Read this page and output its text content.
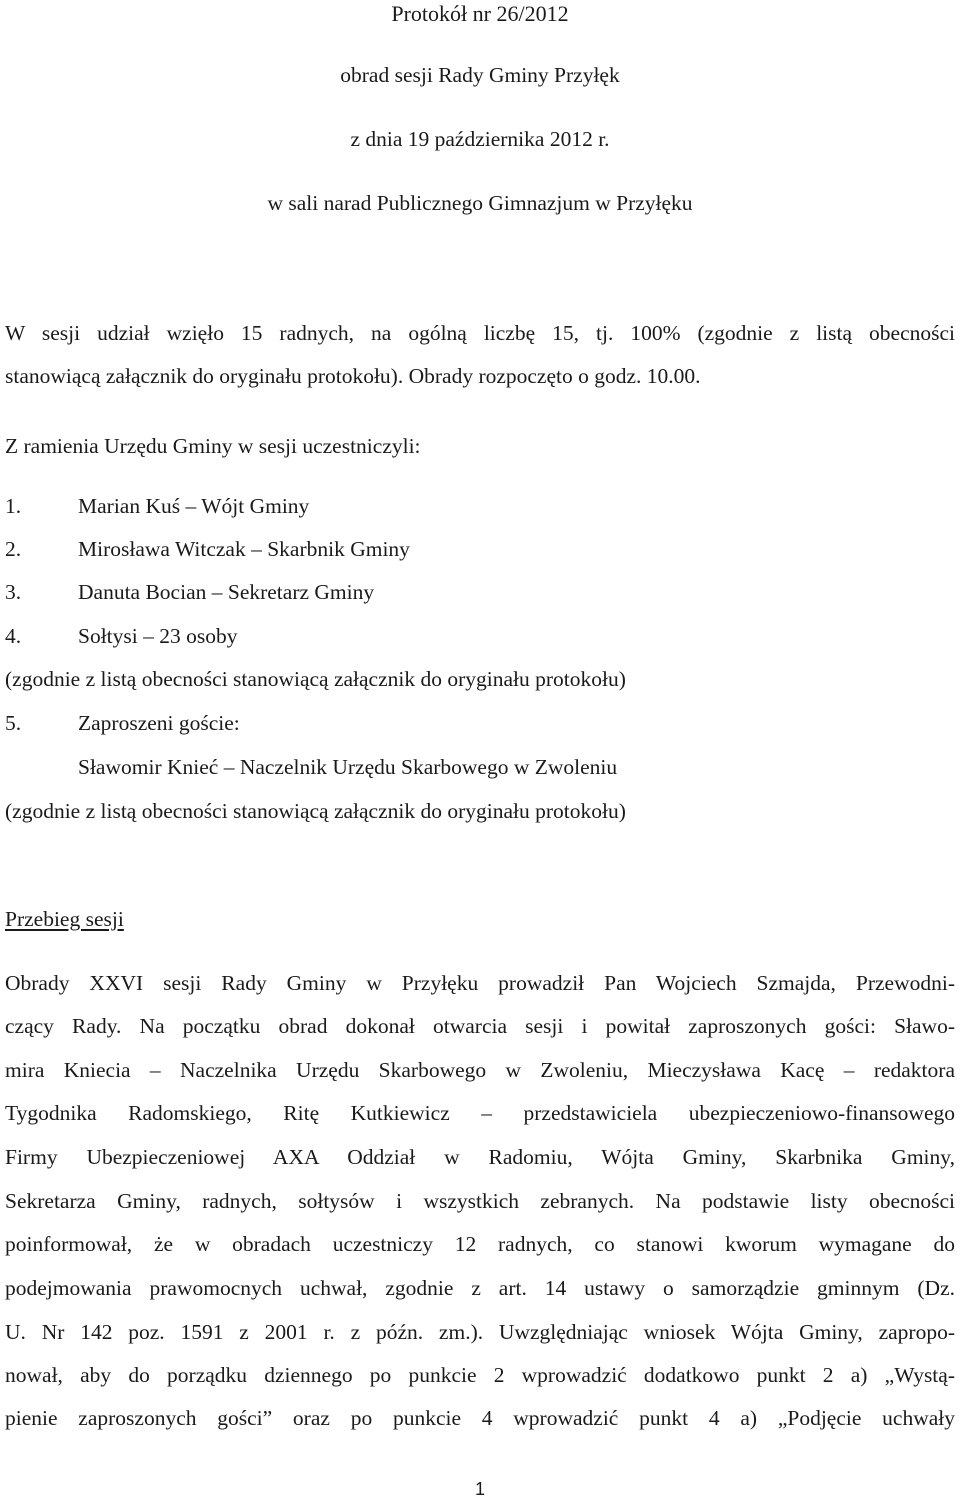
Protokół nr 26/2012
obrad sesji Rady Gminy Przyłęk
z dnia 19 października 2012 r.
w sali narad Publicznego Gimnazjum w Przyłęku
W sesji udział wzięło 15 radnych, na ogólną liczbę 15, tj. 100% (zgodnie z listą obecności
stanowiącą załącznik do oryginału protokołu). Obrady rozpoczęto o godz. 10.00.
Z ramienia Urzędu Gminy w sesji uczestniczyli:
1.	Marian Kuś – Wójt Gminy
2.	Mirosława Witczak – Skarbnik Gminy
3.	Danuta Bocian – Sekretarz Gminy
4.	Sołtysi – 23 osoby
(zgodnie z listą obecności stanowiącą załącznik do oryginału protokołu)
5.	Zaproszeni goście:
Sławomir Knieć – Naczelnik Urzędu Skarbowego w Zwoleniu
(zgodnie z listą obecności stanowiącą załącznik do oryginału protokołu)
Przebieg sesji
Obrady XXVI sesji Rady Gminy w Przyłęku prowadził Pan Wojciech Szmajda, Przewodni-
czący Rady. Na początku obrad dokonał otwarcia sesji i powitał zaproszonych gości: Sławo-
mira Kniecia – Naczelnika Urzędu Skarbowego w Zwoleniu, Mieczysława Kacę – redaktora
Tygodnika Radomskiego, Ritę Kutkiewicz – przedstawiciela ubezpieczeniowo-finansowego
Firmy Ubezpieczeniowej AXA Oddział w Radomiu, Wójta Gminy, Skarbnika Gminy,
Sekretarza Gminy, radnych, sołtysów i wszystkich zebranych. Na podstawie listy obecności
poinformował, że w obradach uczestniczy 12 radnych, co stanowi kworum wymagane do
podejmowania prawomocnych uchwał, zgodnie z art. 14 ustawy o samorządzie gminnym (Dz.
U. Nr 142 poz. 1591 z 2001 r. z późn. zm.). Uwzględniając wniosek Wójta Gminy, zapropo-
nował, aby do porządku dziennego po punkcie 2 wprowadzić dodatkowo punkt 2 a) „Wystą-
pienie zaproszonych gości” oraz po punkcie 4 wprowadzić punkt 4 a) „Podjęcie uchwały
1
